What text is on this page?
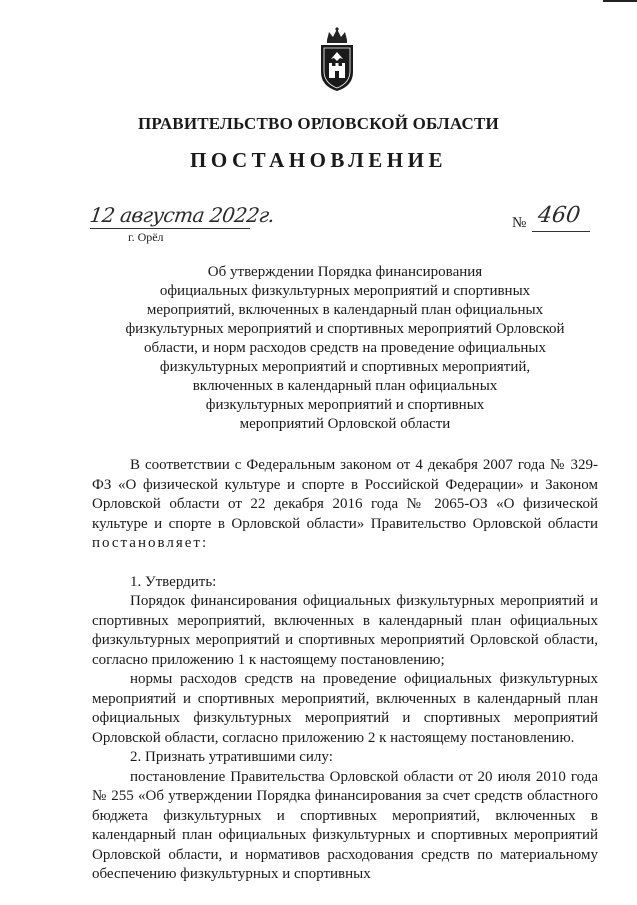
ПРАВИТЕЛЬСТВО ОРЛОВСКОЙ ОБЛАСТИ
ПОСТАНОВЛЕНИЕ
12 августа 2022г.
г. Орёл
№ 460
Об утверждении Порядка финансирования
официальных физкультурных мероприятий и спортивных
мероприятий, включенных в календарный план официальных
физкультурных мероприятий и спортивных мероприятий Орловской
области, и норм расходов средств на проведение официальных
физкультурных мероприятий и спортивных мероприятий,
включенных в календарный план официальных
физкультурных мероприятий и спортивных
мероприятий Орловской области

В соответствии с Федеральным законом от 4 декабря 2007 года № 329-ФЗ «О физической культуре и спорте в Российской Федерации» и Законом Орловской области от 22 декабря 2016 года № 2065-ОЗ «О физической культуре и спорте в Орловской области» Правительство Орловской области постановляет:

1. Утвердить:

Порядок финансирования официальных физкультурных мероприятий и спортивных мероприятий, включенных в календарный план официальных физкультурных мероприятий и спортивных мероприятий Орловской области, согласно приложению 1 к настоящему постановлению;

нормы расходов средств на проведение официальных физкультурных мероприятий и спортивных мероприятий, включенных в календарный план официальных физкультурных мероприятий и спортивных мероприятий Орловской области, согласно приложению 2 к настоящему постановлению.

2. Признать утратившими силу:

постановление Правительства Орловской области от 20 июля 2010 года № 255 «Об утверждении Порядка финансирования за счет средств областного бюджета физкультурных и спортивных мероприятий, включенных в календарный план официальных физкультурных и спортивных мероприятий Орловской области, и нормативов расходования средств по материальному обеспечению физкультурных и спортивных
